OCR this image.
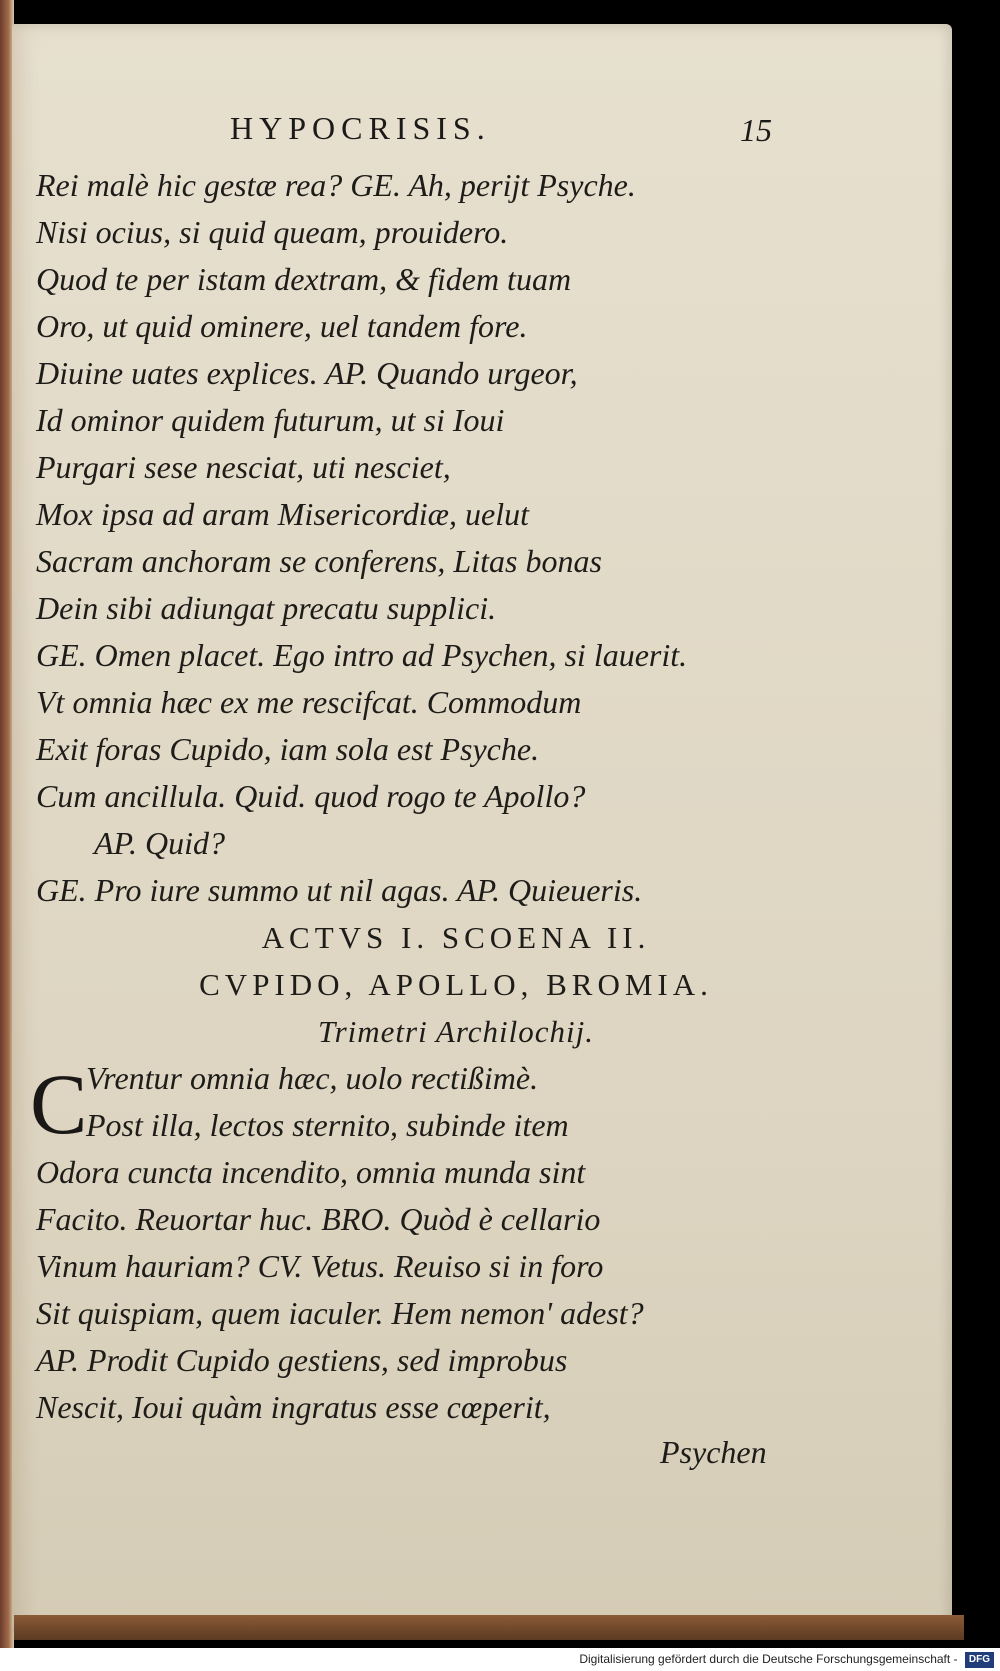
HYPOCRISIS.	15
Rei malè hic gestæ rea? GE. Ah, perijt Psyche.
Nisi ocius, si quid queam, prouidero.
Quod te per istam dextram, & fidem tuam
Oro, ut quid ominere, uel tandem fore.
Diuine uates explices. AP. Quando urgeor,
Id ominor quidem futurum, ut si Ioui
Purgari sese nesciat, uti nesciet,
Mox ipsa ad aram Misericordiæ, uelut
Sacram anchoram se conferens, Litas bonas
Dein sibi adiungat precatu supplici.
GE. Omen placet. Ego intro ad Psychen, si lauerit.
Vt omnia hæc ex me rescifcat. Commodum
Exit foras Cupido, iam sola est Psyche.
Cum ancillula. Quid. quod rogo te Apollo?
AP. Quid?
GE. Pro iure summo ut nil agas. AP. Quieueris.
ACTVS I. SCOENA II.
CVPIDO, APOLLO, BROMIA.
Trimetri Archilochij.
C
Vrentur omnia hæc, uolo rectißimè.
Post illa, lectos sternito, subinde item
Odora cuncta incendito, omnia munda sint
Facito. Reuortar huc. BRO. Quòd è cellario
Vinum hauriam? CV. Vetus. Reuiso si in foro
Sit quispiam, quem iaculer. Hem nemon' adest?
AP. Prodit Cupido gestiens, sed improbus
Nescit, Ioui quàm ingratus esse cœperit,
Psychen
Digitalisierung gefördert durch die Deutsche Forschungsgemeinschaft - DFG
